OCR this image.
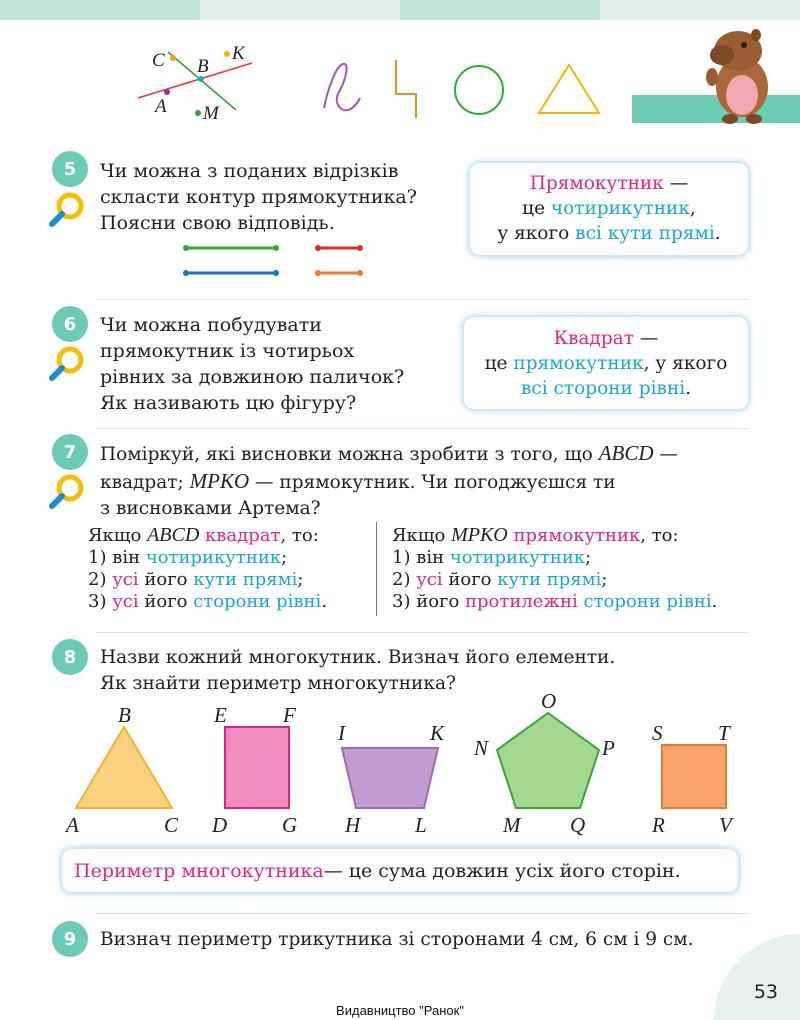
C B
K
A M
5	Чи можна з поданих відрізків
скласти контур прямокутника?
Поясни свою відповідь.
Прямокутник —
це чотирикутник,
у якого всі кути прямі.
6	Чи можна побудувати
прямокутник із чотирьох
рівних за довжиною паличок?
Як називають цю фігуру?
Квадрат —
це прямокутник, у якого
всі сторони рівні.
7	Поміркуй, які висновки можна зробити з того, що ABCD —
квадрат; MPKO — прямокутник. Чи погоджуєшся ти
з висновками Артема?
Якщо ABCD квадрат, то:
1) він чотирикутник;
2) усі його кути прямі;
3) усі його сторони рівні.
Якщо MPKO прямокутник, то:
1) він чотирикутник;
2) усі його кути прямі;
3) його протилежні сторони рівні.
8	Назви кожний многокутник. Визнач його елементи.
Як знайти периметр многокутника?
A
B
C
E	F
D	G
I	K
H	L
O
N	P
M Q
S	T
R	V
Периметр многокутника — це сума довжин усіх його сторін.
9	Визнач периметр трикутника зі сторонами 4 см, 6 см і 9 см.
53
Видавництво "Ранок"
